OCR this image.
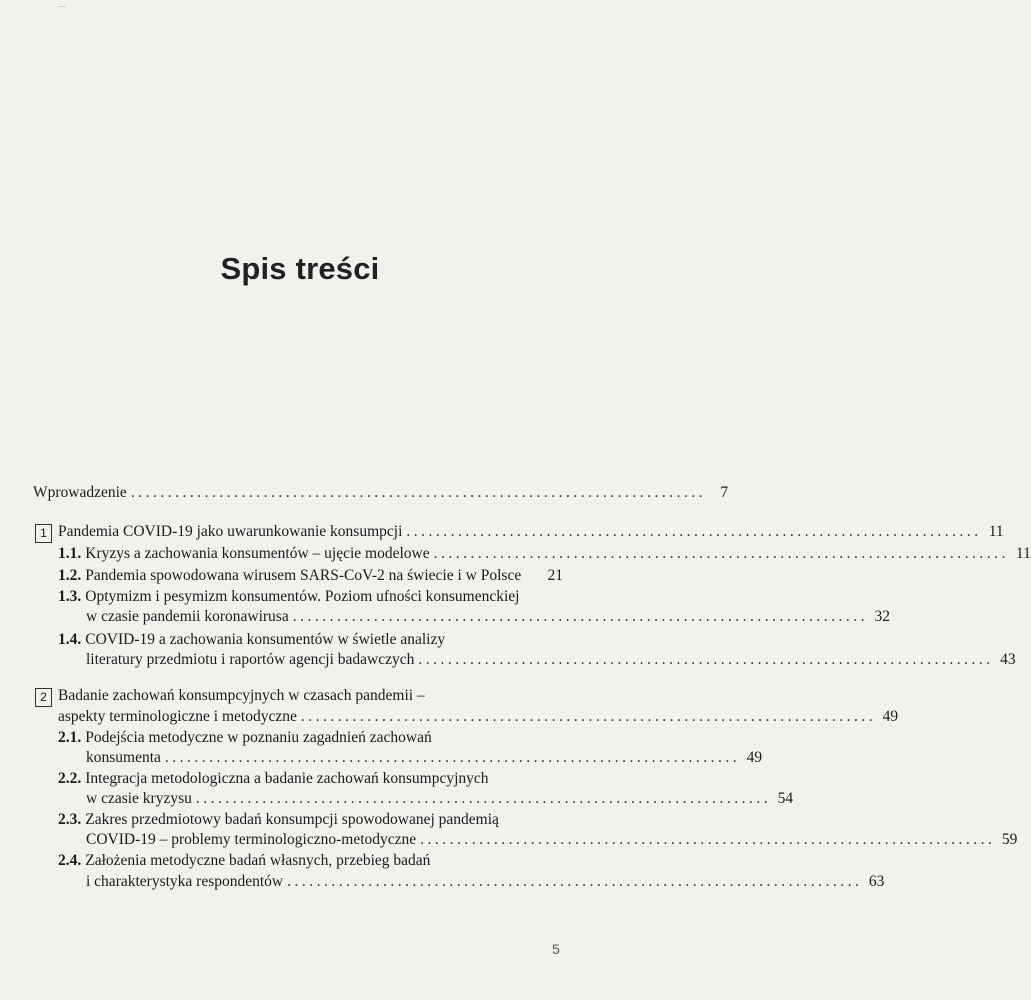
⁓
Spis treści
Wprowadzenie .............................................................................. 7
1 Pandemia COVID-19 jako uwarunkowanie konsumpcji .............................................................................. 11
1.1. Kryzys a zachowania konsumentów – ujęcie modelowe .............................................................................. 11
1.2. Pandemia spowodowana wirusem SARS-CoV-2 na świecie i w Polsce 21
1.3. Optymizm i pesymizm konsumentów. Poziom ufności konsumenckiej
w czasie pandemii koronawirusa .............................................................................. 32
1.4. COVID-19 a zachowania konsumentów w świetle analizy
literatury przedmiotu i raportów agencji badawczych .............................................................................. 43
2 Badanie zachowań konsumpcyjnych w czasach pandemii –
aspekty terminologiczne i metodyczne .............................................................................. 49
2.1. Podejścia metodyczne w poznaniu zagadnień zachowań
konsumenta .............................................................................. 49
2.2. Integracja metodologiczna a badanie zachowań konsumpcyjnych
w czasie kryzysu .............................................................................. 54
2.3. Zakres przedmiotowy badań konsumpcji spowodowanej pandemią
COVID-19 – problemy terminologiczno-metodyczne .............................................................................. 59
2.4. Założenia metodyczne badań własnych, przebieg badań
i charakterystyka respondentów .............................................................................. 63
5
